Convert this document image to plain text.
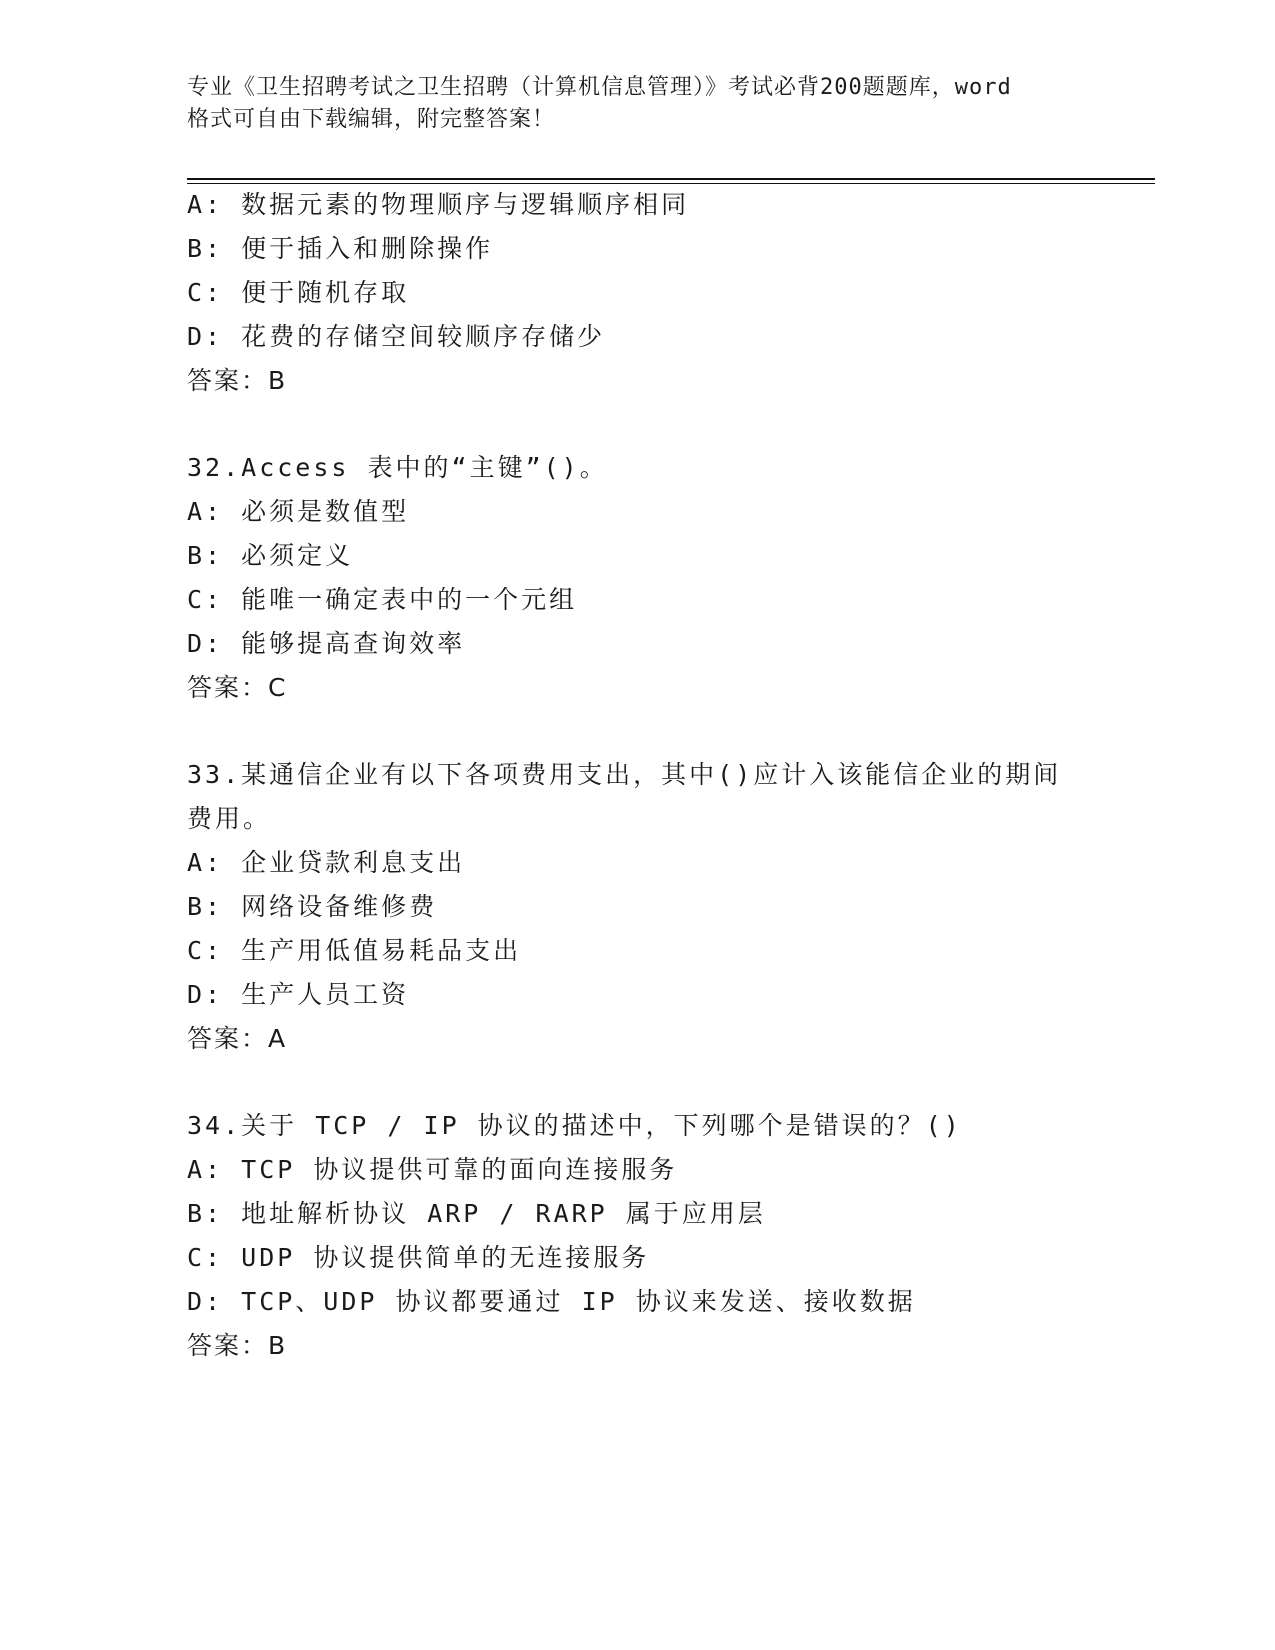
专业《卫生招聘考试之卫生招聘（计算机信息管理）》考试必背200题题库，word
格式可自由下载编辑，附完整答案！
A: 数据元素的物理顺序与逻辑顺序相同
B: 便于插入和删除操作
C: 便于随机存取
D: 花费的存储空间较顺序存储少
答案：B
32.Access 表中的“主键”()。
A: 必须是数值型
B: 必须定义
C: 能唯一确定表中的一个元组
D: 能够提高查询效率
答案：C
33.某通信企业有以下各项费用支出，其中()应计入该能信企业的期间
费用。
A: 企业贷款利息支出
B: 网络设备维修费
C: 生产用低值易耗品支出
D: 生产人员工资
答案：A
34.关于 TCP / IP 协议的描述中，下列哪个是错误的？()
A: TCP 协议提供可靠的面向连接服务
B: 地址解析协议 ARP / RARP 属于应用层
C: UDP 协议提供简单的无连接服务
D: TCP、UDP 协议都要通过 IP 协议来发送、接收数据
答案：B
